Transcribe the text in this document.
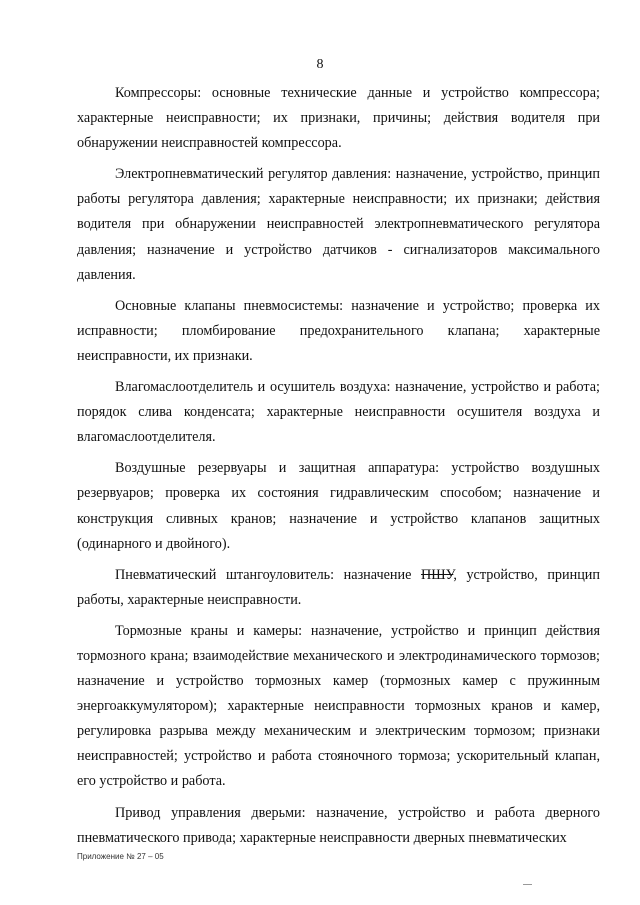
8

Компрессоры: основные технические данные и устройство компрессора; характерные неисправности; их признаки, причины; действия водителя при обнаружении неисправностей компрессора.

Электропневматический регулятор давления: назначение, устройство, принцип работы регулятора давления; характерные неисправности; их признаки; действия водителя при обнаружении неисправностей электропневматического регулятора давления; назначение и устройство датчиков - сигнализаторов максимального давления.

Основные клапаны пневмосистемы: назначение и устройство; проверка их исправности; пломбирование предохранительного клапана; характерные неисправности, их признаки.

Влагомаслоотделитель и осушитель воздуха: назначение, устройство и работа; порядок слива конденсата; характерные неисправности осушителя воздуха и влагомаслоотделителя.

Воздушные резервуары и защитная аппаратура: устройство воздушных резервуаров; проверка их состояния гидравлическим способом; назначение и конструкция сливных кранов; назначение и устройство клапанов защитных (одинарного и двойного).

Пневматический штангоуловитель: назначение ПШУ, устройство, принцип работы, характерные неисправности.

Тормозные краны и камеры: назначение, устройство и принцип действия тормозного крана; взаимодействие механического и электродинамического тормозов; назначение и устройство тормозных камер (тормозных камер с пружинным энергоаккумулятором); характерные неисправности тормозных кранов и камер, регулировка разрыва между механическим и электрическим тормозом; признаки неисправностей; устройство и работа стояночного тормоза; ускорительный клапан, его устройство и работа.

Привод управления дверьми: назначение, устройство и работа дверного пневматического привода; характерные неисправности дверных пневматических

Приложение № 27 – 05
